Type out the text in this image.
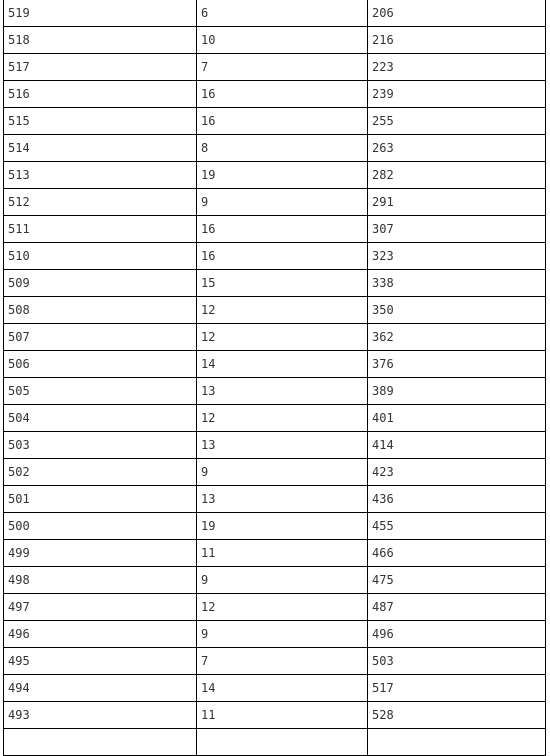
519	6	206
518	10	216
517	7	223
516	16	239
515	16	255
514	8	263
513	19	282
512	9	291
511	16	307
510	16	323
509	15	338
508	12	350
507	12	362
506	14	376
505	13	389
504	12	401
503	13	414
502	9	423
501	13	436
500	19	455
499	11	466
498	9	475
497	12	487
496	9	496
495	7	503
494	14	517
493	11	528
